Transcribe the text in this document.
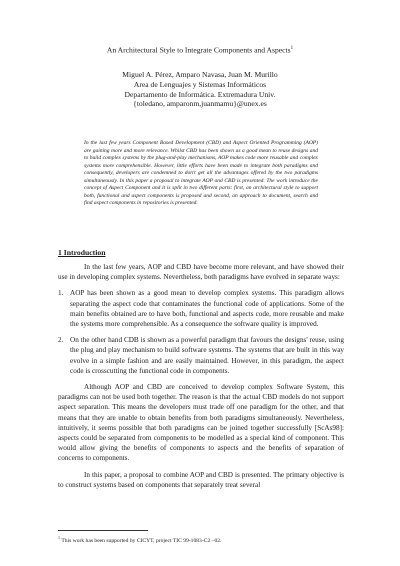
An Architectural Style to Integrate Components and Aspects$^1$
Miguel A. Pérez, Amparo Navasa, Juan M. Murillo
Area de Lenguajes y Sistemas Informáticos
Departamento de Informática. Extremadura Univ.
{toledano, amparonm,juanmamu}@unex.es
In the last few years Component Based Development (CBD) and Aspect Oriented Programming (AOP) are gaining more and more relevance. Whilst CBD has been shown as a good mean to reuse designs and to build complex systems by the plug-and-play mechanisms, AOP makes code more reusable and complex systems more comprehensible. However, little efforts have been made to integrate both paradigms and consequently, developers are condemned to don't get all the advantages offered by the two paradigms simultaneously. In this paper a proposal to integrate AOP and CBD is presented. The work introduce the concept of Aspect Component and it is split in two different parts: first, an architectural style to support both, functional and aspect components is proposed and second, an approach to document, search and find aspect components in repositories is presented.
1 Introduction

In the last few years, AOP and CBD have become more relevant, and have showed their use in developing complex systems. Nevertheless, both paradigms have evolved in separate ways:

1. AOP has been shown as a good mean to develop complex systems. This paradigm allows separating the aspect code that contaminates the functional code of applications. Some of the main benefits obtained are to have both, functional and aspects code, more reusable and make the systems more comprehensible. As a consequence the software quality is improved.
2. On the other hand CDB is shown as a powerful paradigm that favours the designs' reuse, using the plug and play mechanism to build software systems. The systems that are built in this way evolve in a simple fashion and are easily maintained. However, in this paradigm, the aspect code is crosscutting the functional code in components.

Although AOP and CBD are conceived to develop complex Software System, this paradigms can not be used both together. The reason is that the actual CBD models do not support aspect separation. This means the developers must trade off one paradigm for the other, and that means that they are unable to obtain benefits from both paradigms simultaneously. Nevertheless, intuitively, it seems possible that both paradigms can be joined together successfully [ScAs98]: aspects could be separated from components to be modelled as a special kind of component. This would allow giving the benefits of components to aspects and the benefits of separation of concerns to components.

In this paper, a proposal to combine AOP and CBD is presented. The primary objective is to construct systems based on components that separately treat several

$^1$ This work has been supported by CICYT, project TIC 99-1083-C2 –02.
